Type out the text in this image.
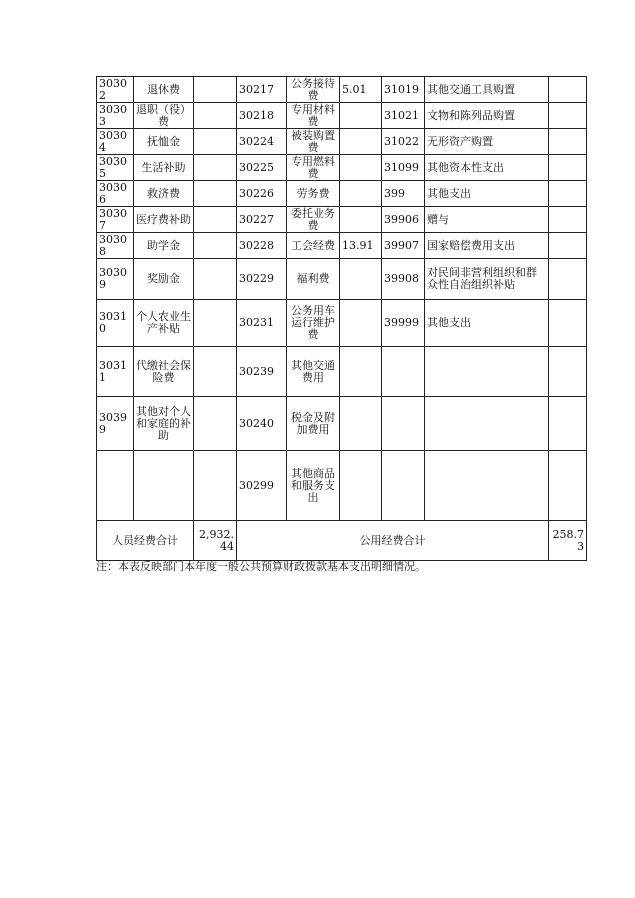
30302	退休费		30217	公务接待费	5.01	31019	其他交通工具购置	
30303	退职（役）费		30218	专用材料费		31021	文物和陈列品购置	
30304	抚恤金		30224	被装购置费		31022	无形资产购置	
30305	生活补助		30225	专用燃料费		31099	其他资本性支出	
30306	救济费		30226	劳务费		399	其他支出	
30307	医疗费补助		30227	委托业务费		39906	赠与	
30308	助学金		30228	工会经费	13.91	39907	国家赔偿费用支出	
30309	奖励金		30229	福利费		39908	对民间非营利组织和群众性自治组织补贴	
30310	个人农业生产补贴		30231	公务用车运行维护费		39999	其他支出	
30311	代缴社会保险费		30239	其他交通费用				
30399	其他对个人和家庭的补助		30240	税金及附加费用				
			30299	其他商品和服务支出				
人员经费合计		2,932.44	公用经费合计					258.73
注：本表反映部门本年度一般公共预算财政拨款基本支出明细情况。
